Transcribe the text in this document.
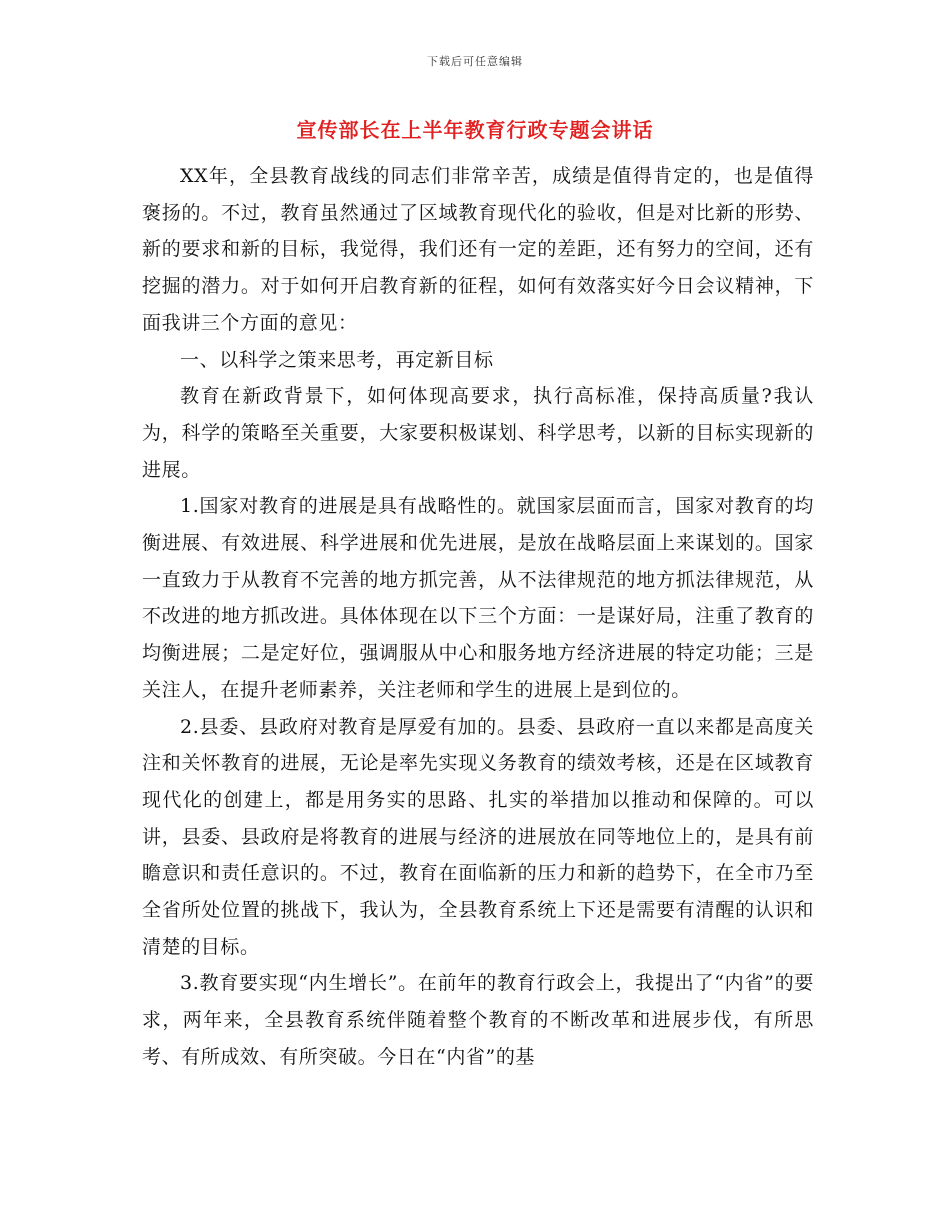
下载后可任意编辑
宣传部长在上半年教育行政专题会讲话

XX年，全县教育战线的同志们非常辛苦，成绩是值得肯定的，也是值得褒扬的。不过，教育虽然通过了区域教育现代化的验收，但是对比新的形势、新的要求和新的目标，我觉得，我们还有一定的差距，还有努力的空间，还有挖掘的潜力。对于如何开启教育新的征程，如何有效落实好今日会议精神，下面我讲三个方面的意见：

一、以科学之策来思考，再定新目标

教育在新政背景下，如何体现高要求，执行高标准，保持高质量?我认为，科学的策略至关重要，大家要积极谋划、科学思考，以新的目标实现新的进展。

1.国家对教育的进展是具有战略性的。就国家层面而言，国家对教育的均衡进展、有效进展、科学进展和优先进展，是放在战略层面上来谋划的。国家一直致力于从教育不完善的地方抓完善，从不法律规范的地方抓法律规范，从不改进的地方抓改进。具体体现在以下三个方面：一是谋好局，注重了教育的均衡进展；二是定好位，强调服从中心和服务地方经济进展的特定功能；三是关注人，在提升老师素养，关注老师和学生的进展上是到位的。

2.县委、县政府对教育是厚爱有加的。县委、县政府一直以来都是高度关注和关怀教育的进展，无论是率先实现义务教育的绩效考核，还是在区域教育现代化的创建上，都是用务实的思路、扎实的举措加以推动和保障的。可以讲，县委、县政府是将教育的进展与经济的进展放在同等地位上的，是具有前瞻意识和责任意识的。不过，教育在面临新的压力和新的趋势下，在全市乃至全省所处位置的挑战下，我认为，全县教育系统上下还是需要有清醒的认识和清楚的目标。

3.教育要实现“内生增长”。在前年的教育行政会上，我提出了“内省”的要求，两年来，全县教育系统伴随着整个教育的不断改革和进展步伐，有所思考、有所成效、有所突破。今日在“内省”的基
